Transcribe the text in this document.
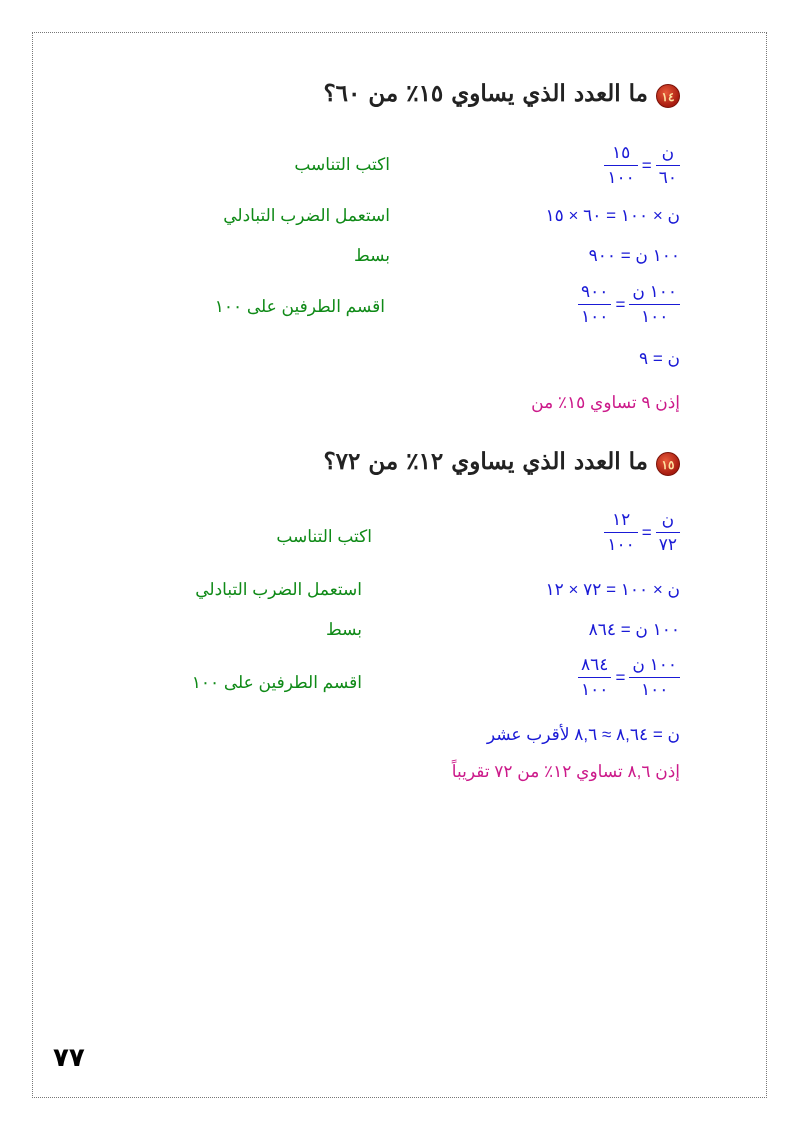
١٤ ما العدد الذي يساوي ١٥٪ من ٦٠؟
$\frac{\text{ن}}{٦٠}$
=
$\frac{١٥}{١٠٠}$
اكتب التناسب
ن × ١٠٠ = ٦٠ × ١٥
استعمل الضرب التبادلي
١٠٠ ن = ٩٠٠
بسط
$\frac{\text{١٠٠ ن}}{١٠٠}$
=
$\frac{٩٠٠}{١٠٠}$
اقسم الطرفين على ١٠٠
ن = ٩
إذن ٩ تساوي ١٥٪ من
١٥ ما العدد الذي يساوي ١٢٪ من ٧٢؟
$\frac{\text{ن}}{٧٢}$
=
$\frac{١٢}{١٠٠}$
اكتب التناسب
ن × ١٠٠ = ٧٢ × ١٢
استعمل الضرب التبادلي
١٠٠ ن = ٨٦٤
بسط
$\frac{\text{١٠٠ ن}}{١٠٠}$
=
$\frac{٨٦٤}{١٠٠}$
اقسم الطرفين على ١٠٠
ن = ٨,٦٤ ≈ ٨,٦ لأقرب عشر
إذن ٨,٦ تساوي ١٢٪ من ٧٢ تقريباً
٧٧
